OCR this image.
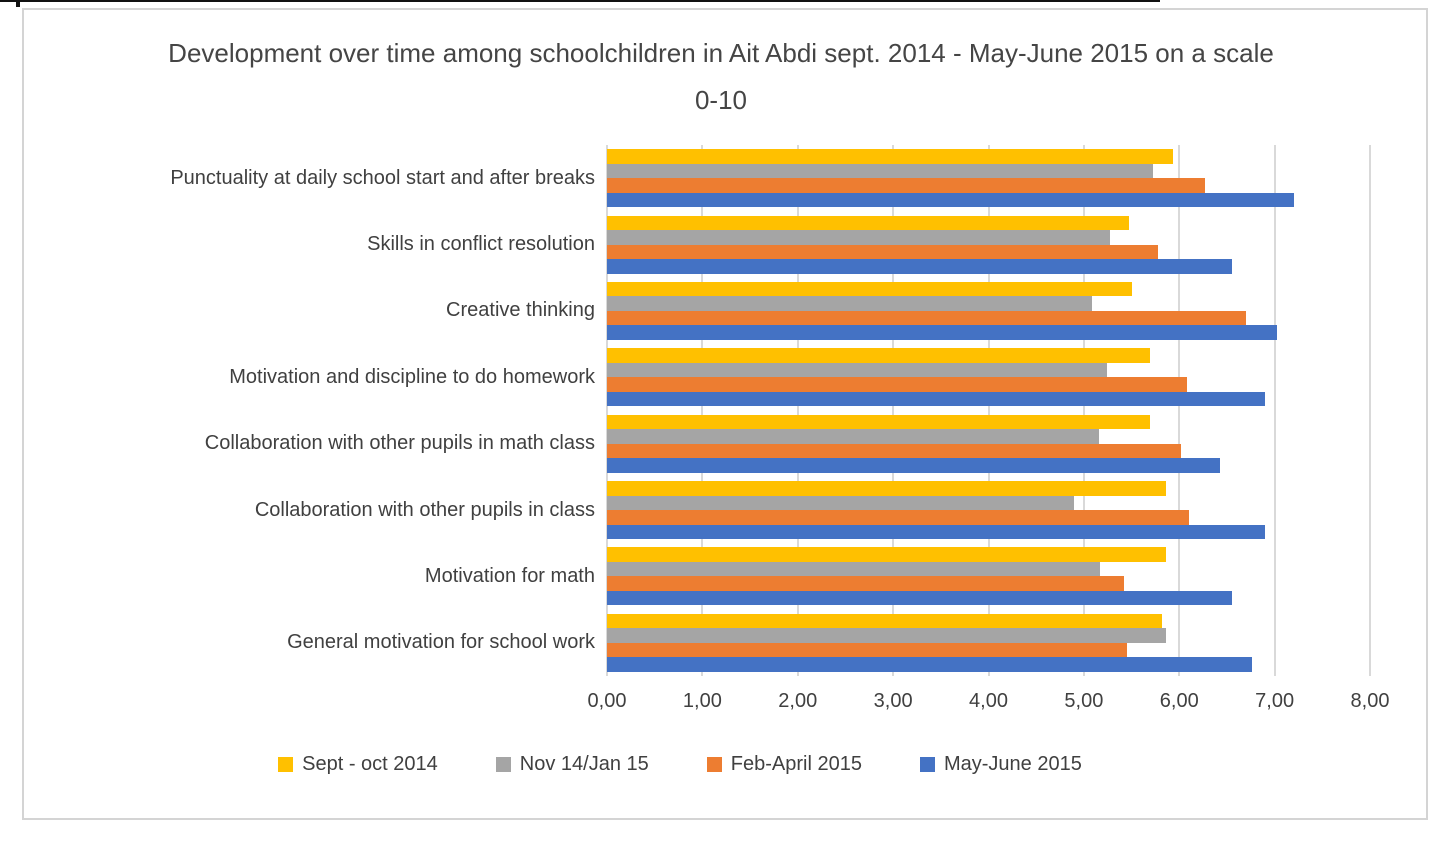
Development over time among schoolchildren in Ait Abdi sept. 2014 - May-June 2015 on a scale 0-10
Punctuality at daily school start and after breaks
Skills in conflict resolution
Creative thinking
Motivation and discipline to do homework
Collaboration with other pupils in math class
Collaboration with other pupils in class
Motivation for math
General motivation for school work
0,00	1,00	2,00	3,00	4,00	5,00	6,00	7,00	8,00
Sept - oct 2014	Nov 14/Jan 15	Feb-April 2015	May-June 2015
